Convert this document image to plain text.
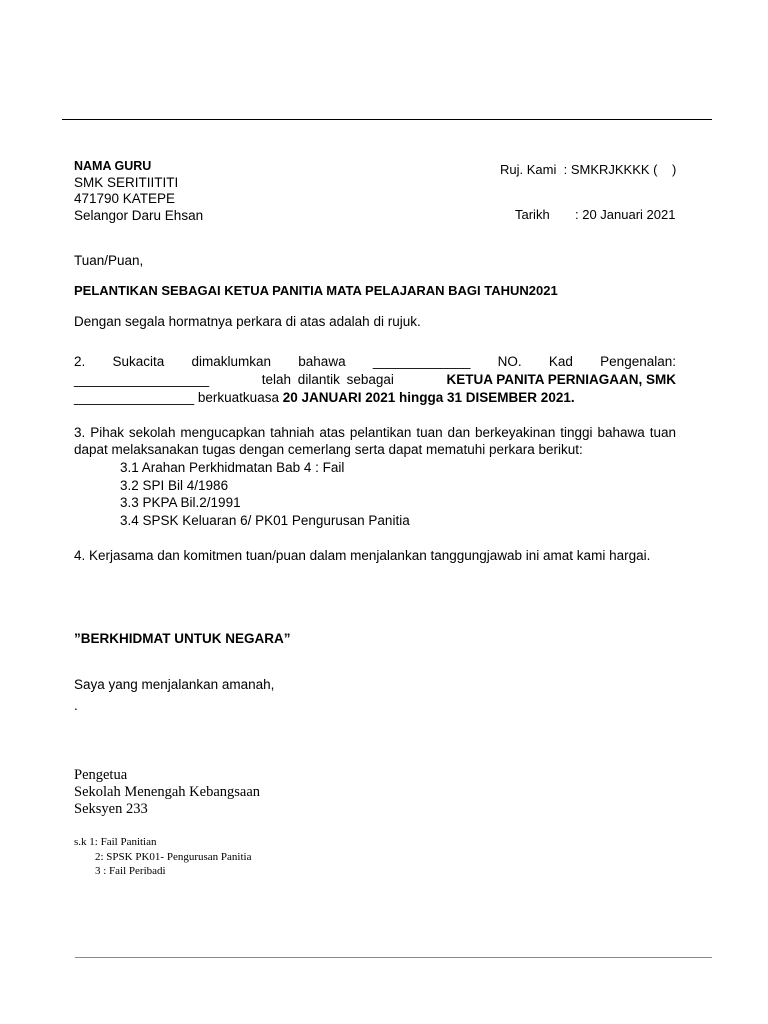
Ruj. Kami : SMKRJKKKK (    )

Tarikh : 20 Januari 2021

NAMA GURU
SMK SERITIITITI
471790 KATEPE
Selangor Daru Ehsan
Tuan/Puan,
PELANTIKAN SEBAGAI KETUA PANITIA MATA PELAJARAN BAGI TAHUN2021
Dengan segala hormatnya perkara di atas adalah di rujuk.
2. Sukacita dimaklumkan bahawa _____________ NO. Kad Pengenalan:
__________________	telah dilantik sebagai	KETUA PANITA PERNIAGAAN, SMK
________________ berkuatkuasa 20 JANUARI 2021 hingga 31 DISEMBER 2021.
3. Pihak sekolah mengucapkan tahniah atas pelantikan tuan dan berkeyakinan tinggi bahawa tuan dapat melaksanakan tugas dengan cemerlang serta dapat mematuhi perkara berikut:
3.1 Arahan Perkhidmatan Bab 4 : Fail
3.2 SPI Bil 4/1986
3.3 PKPA Bil.2/1991
3.4 SPSK Keluaran 6/ PK01 Pengurusan Panitia
4. Kerjasama dan komitmen tuan/puan dalam menjalankan tanggungjawab ini amat kami hargai.
”BERKHIDMAT UNTUK NEGARA”
Saya yang menjalankan amanah,
.
Pengetua
Sekolah Menengah Kebangsaan
Seksyen 233
s.k 1: Fail Panitian
2: SPSK PK01- Pengurusan Panitia
3 : Fail Peribadi
